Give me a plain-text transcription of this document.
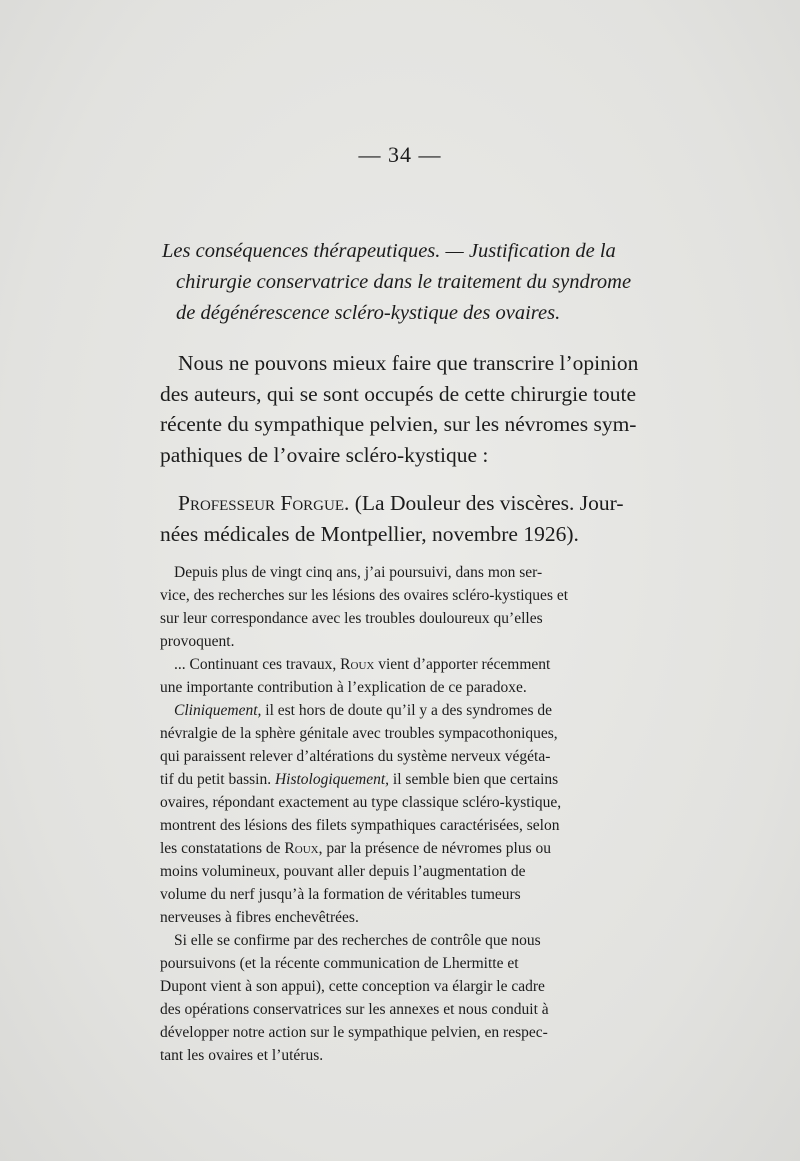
— 34 —
Les conséquences thérapeutiques. — Justification de la
chirurgie conservatrice dans le traitement du syndrome
de dégénérescence scléro-kystique des ovaires.
Nous ne pouvons mieux faire que transcrire l’opinion
des auteurs, qui se sont occupés de cette chirurgie toute
récente du sympathique pelvien, sur les névromes sym-
pathiques de l’ovaire scléro-kystique :
Professeur Forgue. (La Douleur des viscères. Jour-
nées médicales de Montpellier, novembre 1926).
Depuis plus de vingt cinq ans, j’ai poursuivi, dans mon ser-
vice, des recherches sur les lésions des ovaires scléro-kystiques et
sur leur correspondance avec les troubles douloureux qu’elles
provoquent.
... Continuant ces travaux, Roux vient d’apporter récemment
une importante contribution à l’explication de ce paradoxe.
Cliniquement, il est hors de doute qu’il y a des syndromes de
névralgie de la sphère génitale avec troubles sympacothoniques,
qui paraissent relever d’altérations du système nerveux végéta-
tif du petit bassin. Histologiquement, il semble bien que certains
ovaires, répondant exactement au type classique scléro-kystique,
montrent des lésions des filets sympathiques caractérisées, selon
les constatations de Roux, par la présence de névromes plus ou
moins volumineux, pouvant aller depuis l’augmentation de
volume du nerf jusqu’à la formation de véritables tumeurs
nerveuses à fibres enchevêtrées.
Si elle se confirme par des recherches de contrôle que nous
poursuivons (et la récente communication de Lhermitte et
Dupont vient à son appui), cette conception va élargir le cadre
des opérations conservatrices sur les annexes et nous conduit à
développer notre action sur le sympathique pelvien, en respec-
tant les ovaires et l’utérus.
